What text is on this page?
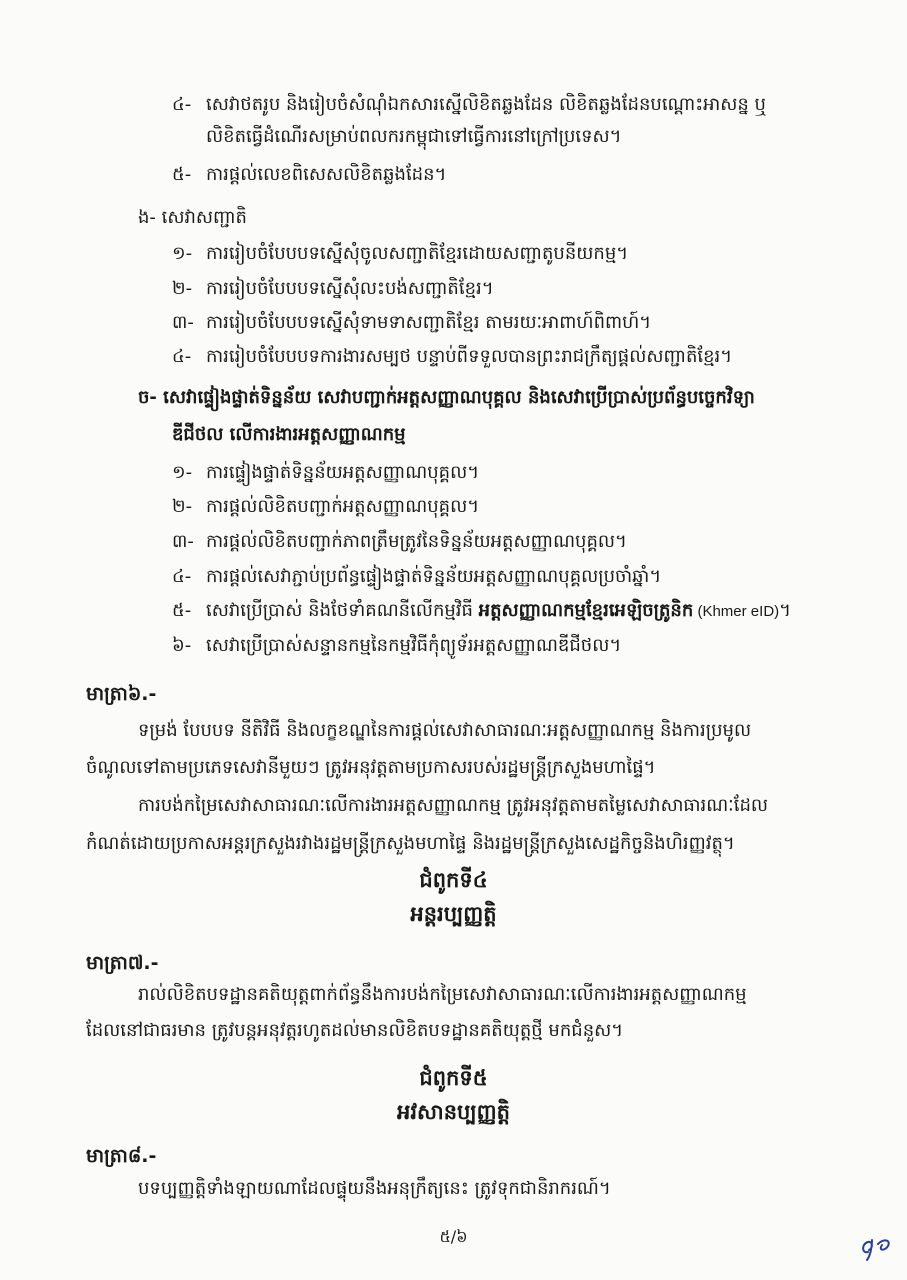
៤- សេវាថតរូប និងរៀបចំសំណុំឯកសារស្នើលិខិតឆ្លងដែន លិខិតឆ្លងដែនបណ្ដោះអាសន្ន ឬ
លិខិតធ្វើដំណើរសម្រាប់ពលករកម្ពុជាទៅធ្វើការនៅក្រៅប្រទេស។
៥- ការផ្ដល់លេខពិសេសលិខិតឆ្លងដែន។
ង- សេវាសញ្ជាតិ
១- ការរៀបចំបែបបទស្នើសុំចូលសញ្ជាតិខ្មែរដោយសញ្ជាតូបនីយកម្ម។
២- ការរៀបចំបែបបទស្នើសុំលះបង់សញ្ជាតិខ្មែរ។
៣- ការរៀបចំបែបបទស្នើសុំទាមទាសញ្ជាតិខ្មែរ តាមរយៈអាពាហ៍ពិពាហ៍។
៤- ការរៀបចំបែបបទការងារសម្បថ បន្ទាប់ពីទទួលបានព្រះរាជក្រឹត្យផ្ដល់សញ្ជាតិខ្មែរ។
ច- សេវាផ្ទៀងផ្ទាត់ទិន្នន័យ សេវាបញ្ជាក់អត្តសញ្ញាណបុគ្គល និងសេវាប្រើប្រាស់ប្រព័ន្ធបច្ចេកវិទ្យា
ឌីជីថល លើការងារអត្តសញ្ញាណកម្ម
១- ការផ្ទៀងផ្ទាត់ទិន្នន័យអត្តសញ្ញាណបុគ្គល។
២- ការផ្ដល់លិខិតបញ្ជាក់អត្តសញ្ញាណបុគ្គល។
៣- ការផ្ដល់លិខិតបញ្ជាក់ភាពត្រឹមត្រូវនៃទិន្នន័យអត្តសញ្ញាណបុគ្គល។
៤- ការផ្ដល់សេវាភ្ជាប់ប្រព័ន្ធផ្ទៀងផ្ទាត់ទិន្នន័យអត្តសញ្ញាណបុគ្គលប្រចាំឆ្នាំ។
៥- សេវាប្រើប្រាស់ និងថែទាំគណនីលើកម្មវិធី អត្តសញ្ញាណកម្មខ្មែរអេឡិចត្រូនិក (Khmer eID)។
៦- សេវាប្រើប្រាស់សន្ទានកម្មនៃកម្មវិធីកុំព្យូទ័រអត្តសញ្ញាណឌីជីថល។
មាត្រា៦.-
ទម្រង់ បែបបទ នីតិវិធី និងលក្ខខណ្ឌនៃការផ្ដល់សេវាសាធារណៈអត្តសញ្ញាណកម្ម និងការប្រមូល
ចំណូលទៅតាមប្រភេទសេវានីមួយៗ ត្រូវអនុវត្តតាមប្រកាសរបស់រដ្ឋមន្ត្រីក្រសួងមហាផ្ទៃ។
ការបង់កម្រៃសេវាសាធារណៈលើការងារអត្តសញ្ញាណកម្ម ត្រូវអនុវត្តតាមតម្លៃសេវាសាធារណៈដែល
កំណត់ដោយប្រកាសអន្តរក្រសួងរវាងរដ្ឋមន្ត្រីក្រសួងមហាផ្ទៃ និងរដ្ឋមន្ត្រីក្រសួងសេដ្ឋកិច្ចនិងហិរញ្ញវត្ថុ។
ជំពូកទី៤
អន្តរប្បញ្ញត្តិ
មាត្រា៧.-
រាល់លិខិតបទដ្ឋានគតិយុត្តពាក់ព័ន្ធនឹងការបង់កម្រៃសេវាសាធារណៈលើការងារអត្តសញ្ញាណកម្ម
ដែលនៅជាធរមាន ត្រូវបន្តអនុវត្តរហូតដល់មានលិខិតបទដ្ឋានគតិយុត្តថ្មី មកជំនួស។
ជំពូកទី៥
អវសានប្បញ្ញត្តិ
មាត្រា៨.-
បទប្បញ្ញត្តិទាំងឡាយណាដែលផ្ទុយនឹងអនុក្រឹត្យនេះ ត្រូវទុកជានិរាករណ៍។
៥/៦
